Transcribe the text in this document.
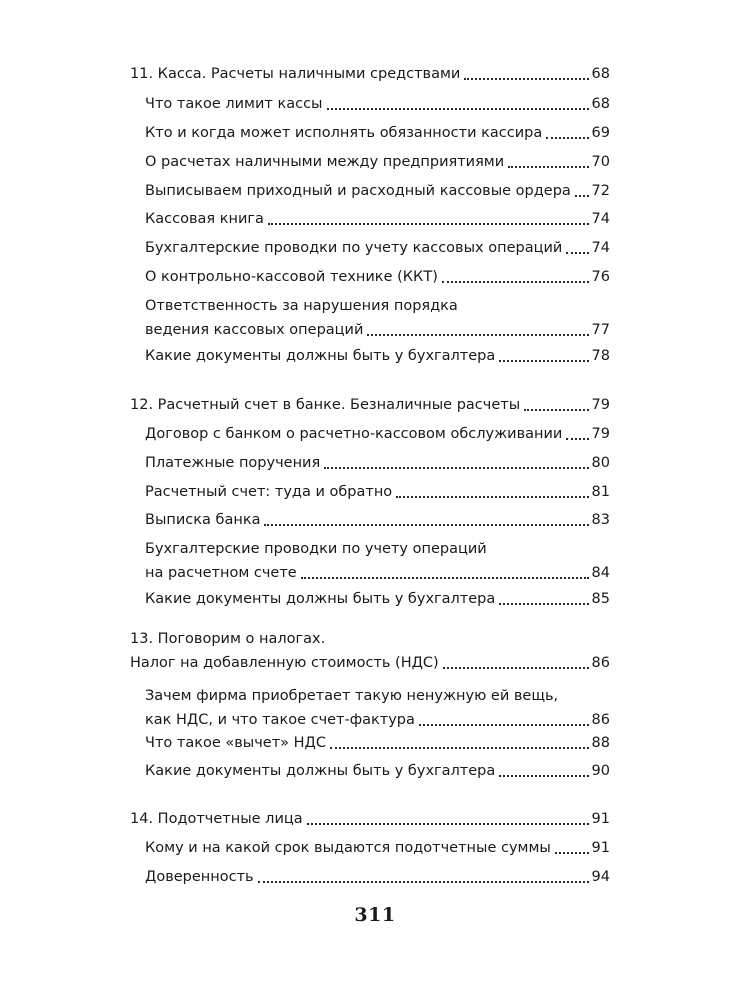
11. Касса. Расчеты наличными средствами	68
Что такое лимит кассы	68
Кто и когда может исполнять обязанности кассира	69
О расчетах наличными между предприятиями	70
Выписываем приходный и расходный кассовые ордера 72
Кассовая книга	74
Бухгалтерские проводки по учету кассовых операций 74
О контрольно-кассовой технике (ККТ)	76
Ответственность за нарушения порядка
ведения кассовых операций	77
Какие документы должны быть у бухгалтера	78
12. Расчетный счет в банке. Безналичные расчеты	79
Договор с банком о расчетно-кассовом обслуживании 79
Платежные поручения	80
Расчетный счет: туда и обратно	81
Выписка банка	83
Бухгалтерские проводки по учету операций
на расчетном счете	84
Какие документы должны быть у бухгалтера	85
13. Поговорим о налогах.
Налог на добавленную стоимость (НДС)	86
Зачем фирма приобретает такую ненужную ей вещь,
как НДС, и что такое счет-фактура	86
Что такое «вычет» НДС	88
Какие документы должны быть у бухгалтера	90
14. Подотчетные лица	91
Кому и на какой срок выдаются подотчетные суммы	91
Доверенность	94
311
